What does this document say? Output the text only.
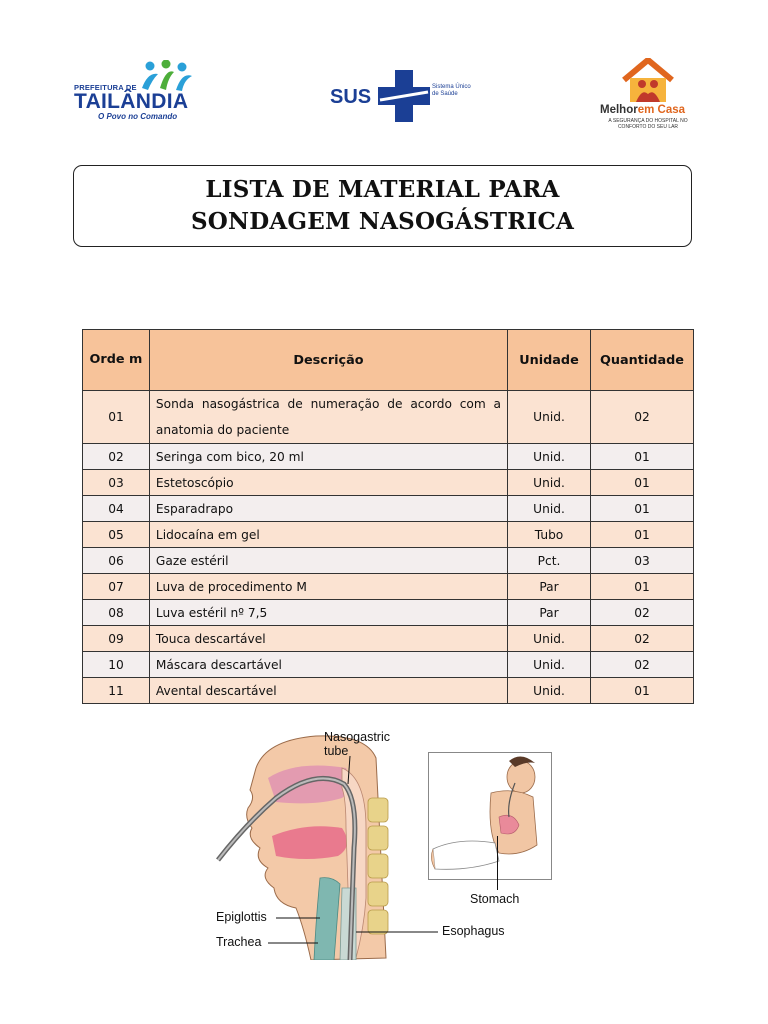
PREFEITURA DE
TAILÂNDIA
O Povo no Comando
SUS	Sistema Único de Saúde
Melhorem Casa
A SEGURANÇA DO HOSPITAL NO CONFORTO DO SEU LAR
LISTA DE MATERIAL PARA
SONDAGEM NASOGÁSTRICA
Orde m	Descrição	Unidade	Quantidade
01	Sonda nasogástrica de numeração de acordo com a anatomia do paciente	Unid.	02
02	Seringa com bico, 20 ml	Unid.	01
03	Estetoscópio	Unid.	01
04	Esparadrapo	Unid.	01
05	Lidocaína em gel	Tubo	01
06	Gaze estéril	Pct.	03
07	Luva de procedimento M	Par	01
08	Luva estéril nº 7,5	Par	02
09	Touca descartável	Unid.	02
10	Máscara descartável	Unid.	02
11	Avental descartável	Unid.	01
Nasogastric tube
Epiglottis
Trachea
Esophagus
Stomach
